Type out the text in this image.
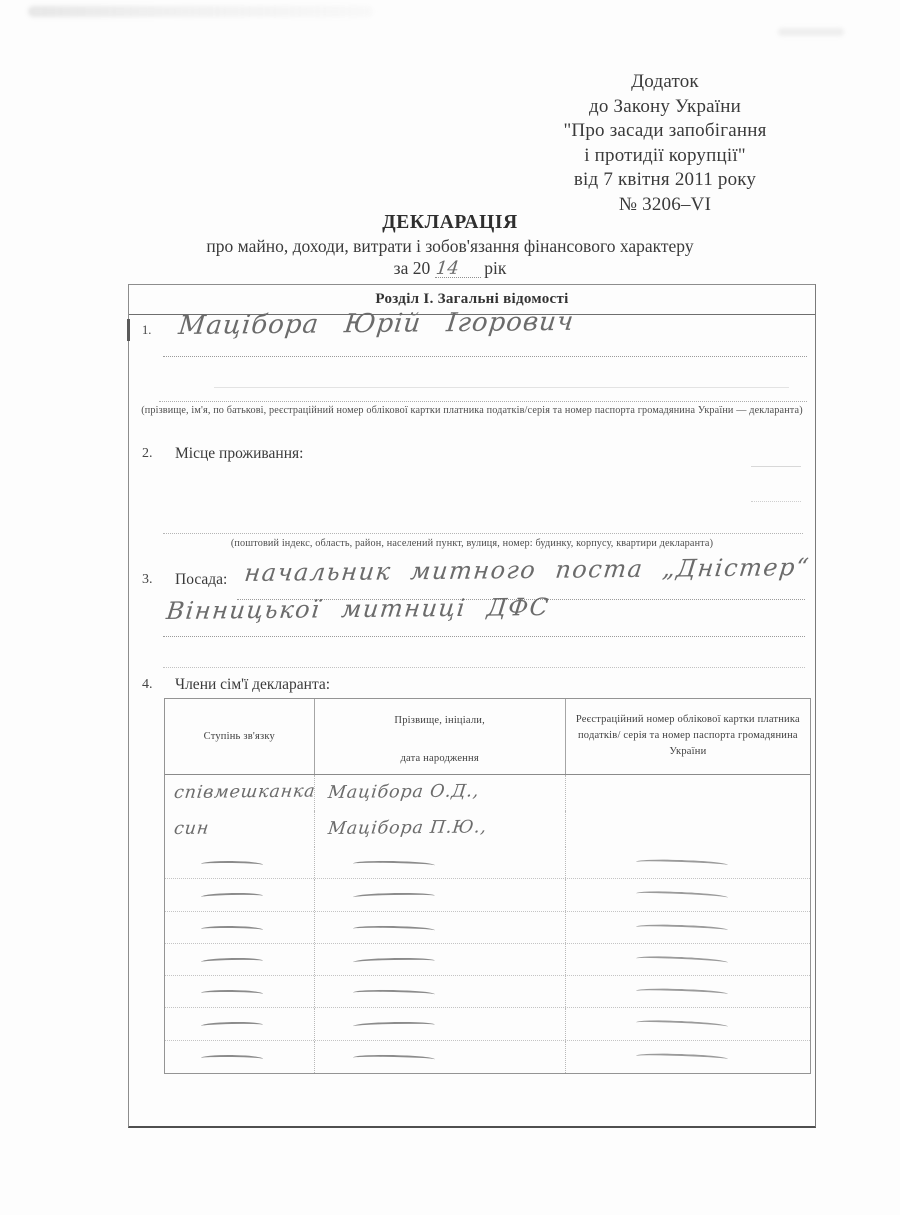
Додаток
до Закону України
"Про засади запобігання
і протидії корупції"
від 7 квітня 2011 року
№ 3206–VI
ДЕКЛАРАЦІЯ
про майно, доходи, витрати і зобов'язання фінансового характеру
за 20 14 рік
Розділ І. Загальні відомості
1. Мацібора Юрій Ігорович
(прізвище, ім'я, по батькові, реєстраційний номер облікової картки платника податків/серія та номер паспорта громадянина України — декларанта)
2. Місце проживання:
(поштовий індекс, область, район, населений пункт, вулиця, номер: будинку, корпусу, квартири декларанта)
3. Посада: начальник митного поста „Дністер“
Вінницької митниці ДФС
4. Члени сім'ї декларанта:
Ступінь зв'язку
Прізвище, ініціали,
дата народження
Реєстраційний номер облікової картки платника податків/ серія та номер паспорта громадянина України
співмешканка Мацібора О.Д.,
син	Мацібора П.Ю.,
